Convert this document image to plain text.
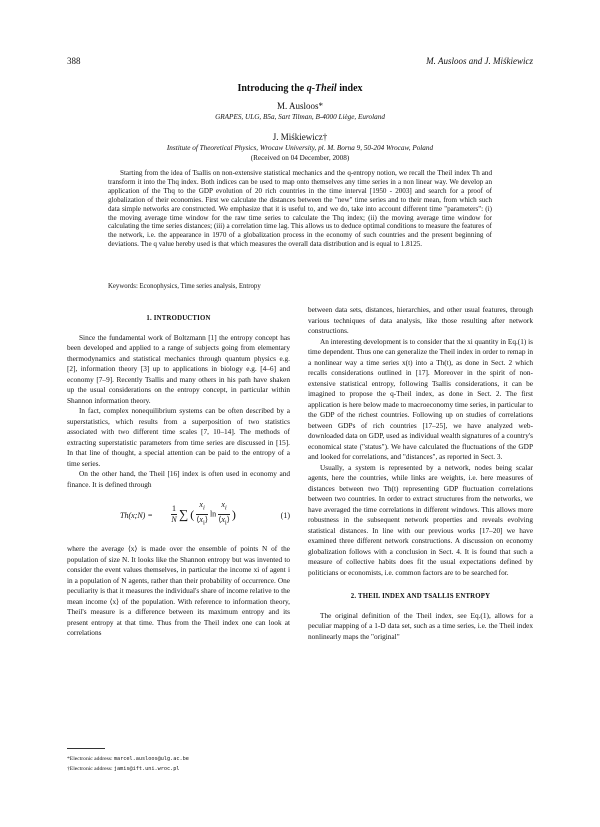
388	M. Ausloos and J. Miśkiewicz
Introducing the q-Theil index
M. Ausloos*
GRAPES, ULG, B5a, Sart Tilman, B-4000 Liège, Euroland
J. Miśkiewicz†
Institute of Theoretical Physics, Wrocaw University, pl. M. Borna 9, 50-204 Wrocaw, Poland
(Received on 04 December, 2008)
Starting from the idea of Tsallis on non-extensive statistical mechanics and the q-entropy notion, we recall the Theil index Th and transform it into the Thq index. Both indices can be used to map onto themselves any time series in a non linear way. We develop an application of the Thq to the GDP evolution of 20 rich countries in the time interval [1950 - 2003] and search for a proof of globalization of their economies. First we calculate the distances between the "new" time series and to their mean, from which such data simple networks are constructed. We emphasize that it is useful to, and we do, take into account different time "parameters": (i) the moving average time window for the raw time series to calculate the Thq index; (ii) the moving average time window for calculating the time series distances; (iii) a correlation time lag. This allows us to deduce optimal conditions to measure the features of the network, i.e. the appearance in 1970 of a globalization process in the economy of such countries and the present beginning of deviations. The q value hereby used is that which measures the overall data distribution and is equal to 1.8125.
Keywords: Econophysics, Time series analysis, Entropy
1. INTRODUCTION

Since the fundamental work of Boltzmann [1] the entropy concept has been developed and applied to a range of subjects going from elementary thermodynamics and statistical mechanics through quantum physics e.g. [2], information theory [3] up to applications in biology e.g. [4–6] and economy [7–9]. Recently Tsallis and many others in his path have shaken up the usual considerations on the entropy concept, in particular within Shannon information theory.

In fact, complex nonequilibrium systems can be often described by a superstatistics, which results from a superposition of two statistics associated with two different time scales [7, 10–14]. The methods of extracting superstatistic parameters from time series are discussed in [15]. In that line of thought, a special attention can be paid to the entropy of a time series.

On the other hand, the Theil [16] index is often used in economy and finance. It is defined through

Th(x;N) = $\frac{1}{N}$ ∑ ( $\frac{x_i}{⟨x_i⟩}$ $\ln \frac{x_i}{⟨x_i⟩}$ )	(1)

where the average ⟨x⟩ is made over the ensemble of points N of the population of size N. It looks like the Shannon entropy but was invented to consider the event values themselves, in particular the income xi of agent i in a population of N agents, rather than their probability of occurrence. One peculiarity is that it measures the individual's share of income relative to the mean income ⟨x⟩ of the population. With reference to information theory, Theil's measure is a difference between its maximum entropy and its present entropy at that time. Thus from the Theil index one can look at correlations

between data sets, distances, hierarchies, and other usual features, through various techniques of data analysis, like those resulting after network constructions.

An interesting development is to consider that the xi quantity in Eq.(1) is time dependent. Thus one can generalize the Theil index in order to remap in a nonlinear way a time series x(t) into a Th(t), as done in Sect. 2 which recalls considerations outlined in [17]. Moreover in the spirit of non-extensive statistical entropy, following Tsallis considerations, it can be imagined to propose the q-Theil index, as done in Sect. 2. The first application is here below made to macroeconomy time series, in particular to the GDP of the richest countries. Following up on studies of correlations between GDPs of rich countries [17–25], we have analyzed web-downloaded data on GDP, used as individual wealth signatures of a country's economical state ("status"). We have calculated the fluctuations of the GDP and looked for correlations, and "distances", as reported in Sect. 3.

Usually, a system is represented by a network, nodes being scalar agents, here the countries, while links are weights, i.e. here measures of distances between two Th(t) representing GDP fluctuation correlations between two countries. In order to extract structures from the networks, we have averaged the time correlations in different windows. This allows more robustness in the subsequent network properties and reveals evolving statistical distances. In line with our previous works [17–20] we have examined three different network constructions. A discussion on economy globalization follows with a conclusion in Sect. 4. It is found that such a measure of collective habits does fit the usual expectations defined by politicians or economists, i.e. common factors are to be searched for.

2. THEIL INDEX AND TSALLIS ENTROPY

The original definition of the Theil index, see Eq.(1), allows for a peculiar mapping of a 1-D data set, such as a time series, i.e. the Theil index nonlinearly maps the "original"

*Electronic address: marcel.ausloos@ulg.ac.be
†Electronic address: jamis@ift.uni.wroc.pl
